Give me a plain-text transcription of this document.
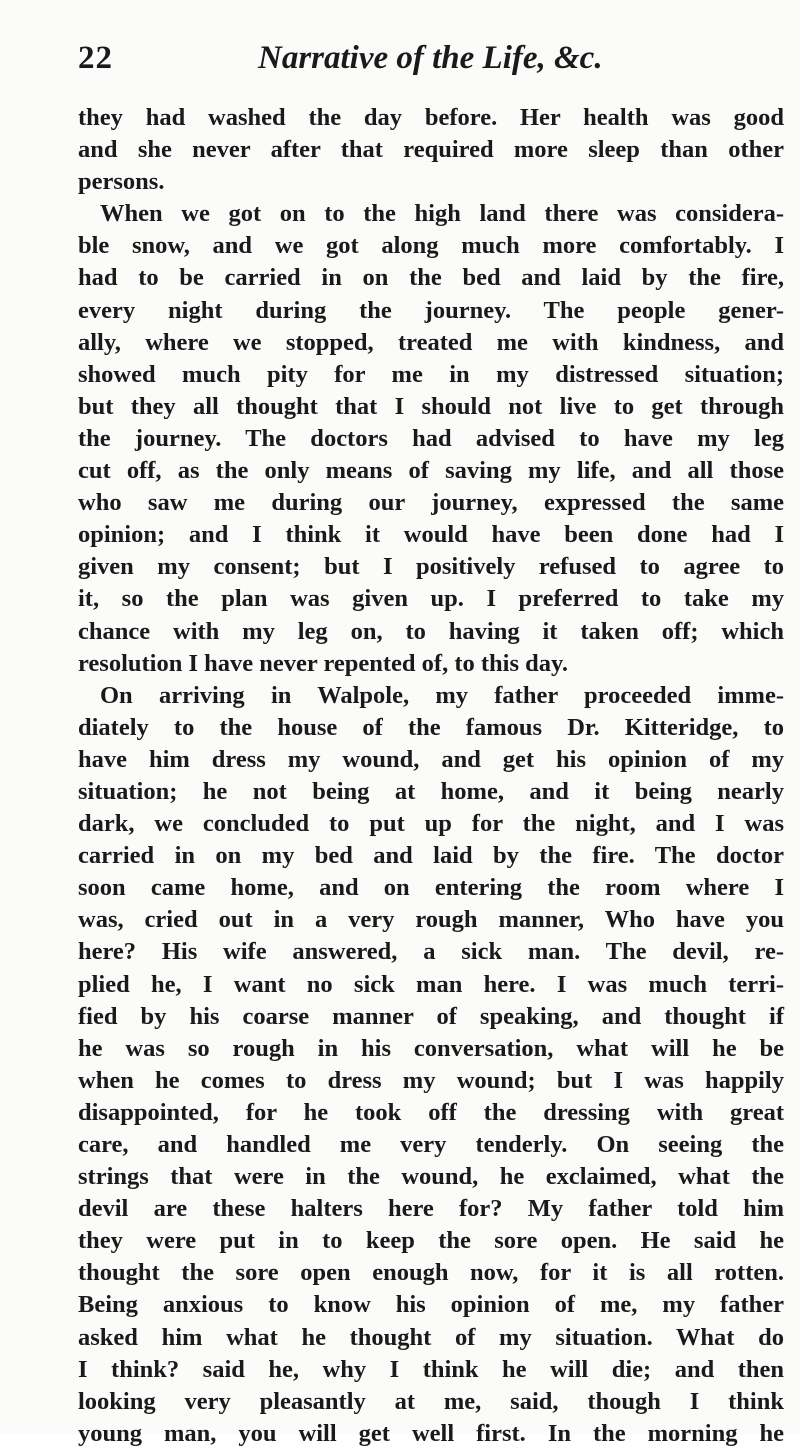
22	Narrative of the Life, &c.
they had washed the day before. Her health was good
and she never after that required more sleep than other
persons.
When we got on to the high land there was considera-
ble snow, and we got along much more comfortably. I
had to be carried in on the bed and laid by the fire,
every night during the journey. The people gener-
ally, where we stopped, treated me with kindness, and
showed much pity for me in my distressed situation;
but they all thought that I should not live to get through
the journey. The doctors had advised to have my leg
cut off, as the only means of saving my life, and all those
who saw me during our journey, expressed the same
opinion; and I think it would have been done had I
given my consent; but I positively refused to agree to
it, so the plan was given up. I preferred to take my
chance with my leg on, to having it taken off; which
resolution I have never repented of, to this day.
On arriving in Walpole, my father proceeded imme-
diately to the house of the famous Dr. Kitteridge, to
have him dress my wound, and get his opinion of my
situation; he not being at home, and it being nearly
dark, we concluded to put up for the night, and I was
carried in on my bed and laid by the fire. The doctor
soon came home, and on entering the room where I
was, cried out in a very rough manner, Who have you
here? His wife answered, a sick man. The devil, re-
plied he, I want no sick man here. I was much terri-
fied by his coarse manner of speaking, and thought if
he was so rough in his conversation, what will he be
when he comes to dress my wound; but I was happily
disappointed, for he took off the dressing with great
care, and handled me very tenderly. On seeing the
strings that were in the wound, he exclaimed, what the
devil are these halters here for? My father told him
they were put in to keep the sore open. He said he
thought the sore open enough now, for it is all rotten.
Being anxious to know his opinion of me, my father
asked him what he thought of my situation. What do
I think? said he, why I think he will die; and then
looking very pleasantly at me, said, though I think
young man, you will get well first. In the morning he
